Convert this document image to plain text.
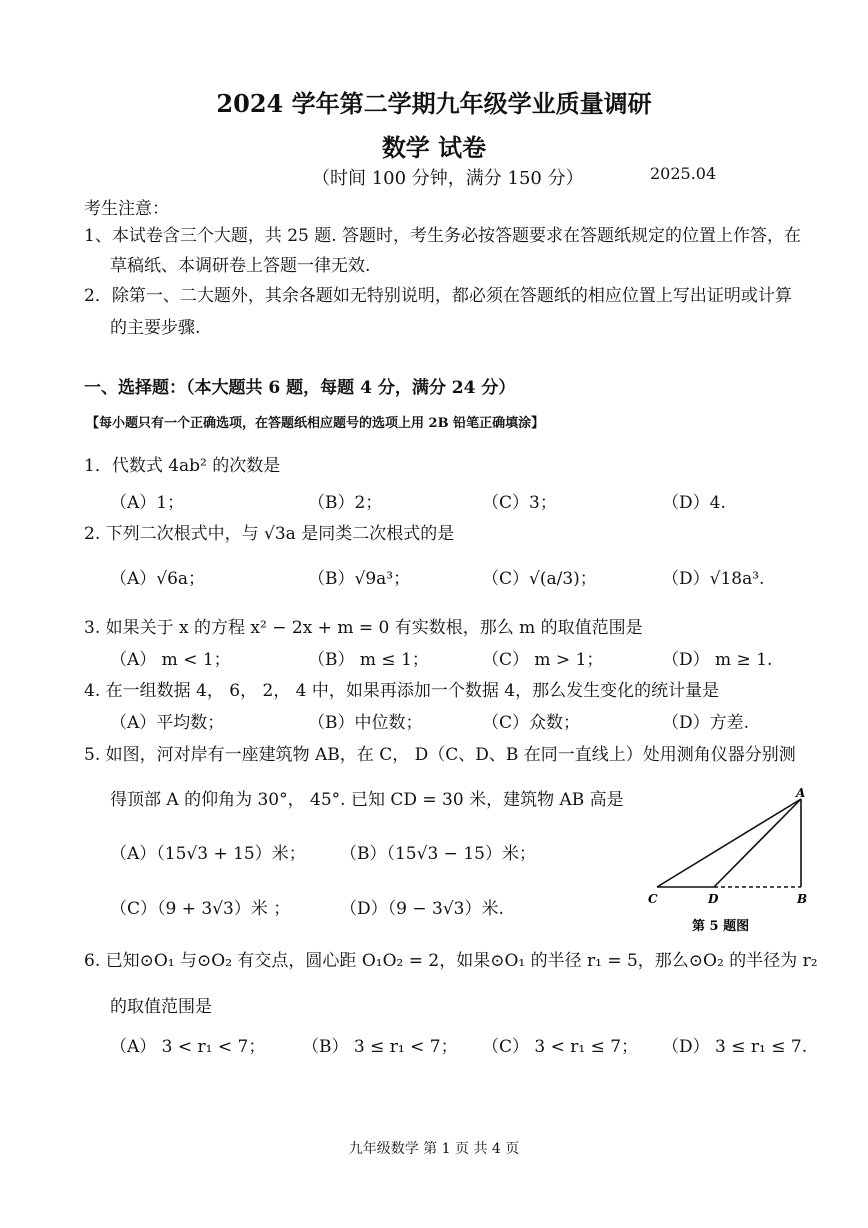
2024 学年第二学期九年级学业质量调研
数学 试卷
（时间 100 分钟，满分 150 分）	2025.04
考生注意：
1、本试卷含三个大题，共 25 题. 答题时，考生务必按答题要求在答题纸规定的位置上作答，在
草稿纸、本调研卷上答题一律无效.
2．除第一、二大题外，其余各题如无特别说明，都必须在答题纸的相应位置上写出证明或计算
的主要步骤.
一、选择题：（本大题共 6 题，每题 4 分，满分 24 分）
【每小题只有一个正确选项，在答题纸相应题号的选项上用 2B 铅笔正确填涂】
1．代数式 4ab² 的次数是
（A）1；	（B）2；	（C）3；	（D）4.
2. 下列二次根式中，与 √3a 是同类二次根式的是
（A）√6a；	（B）√9a³；	（C）√(a/3)；	（D）√18a³.
3. 如果关于 x 的方程 x² − 2x + m = 0 有实数根，那么 m 的取值范围是
（A） m < 1；	（B） m ≤ 1；	（C） m > 1；	（D） m ≥ 1.
4. 在一组数据 4， 6， 2， 4 中，如果再添加一个数据 4，那么发生变化的统计量是
（A）平均数；	（B）中位数；	（C）众数；	（D）方差.
5. 如图，河对岸有一座建筑物 AB，在 C， D（C、D、B 在同一直线上）处用测角仪器分别测
得顶部 A 的仰角为 30°， 45°. 已知 CD = 30 米，建筑物 AB 高是
（A）（15√3 + 15）米； （B）（15√3 − 15）米；
（C）（9 + 3√3）米 ；	（D）（9 − 3√3）米.
A
B
C	D
第 5 题图
6. 已知⊙O₁ 与⊙O₂ 有交点，圆心距 O₁O₂ = 2，如果⊙O₁ 的半径 r₁ = 5，那么⊙O₂ 的半径为 r₂
的取值范围是
（A） 3 < r₁ < 7； （B） 3 ≤ r₁ < 7； （C） 3 < r₁ ≤ 7； （D） 3 ≤ r₁ ≤ 7.
九年级数学 第 1 页 共 4 页
